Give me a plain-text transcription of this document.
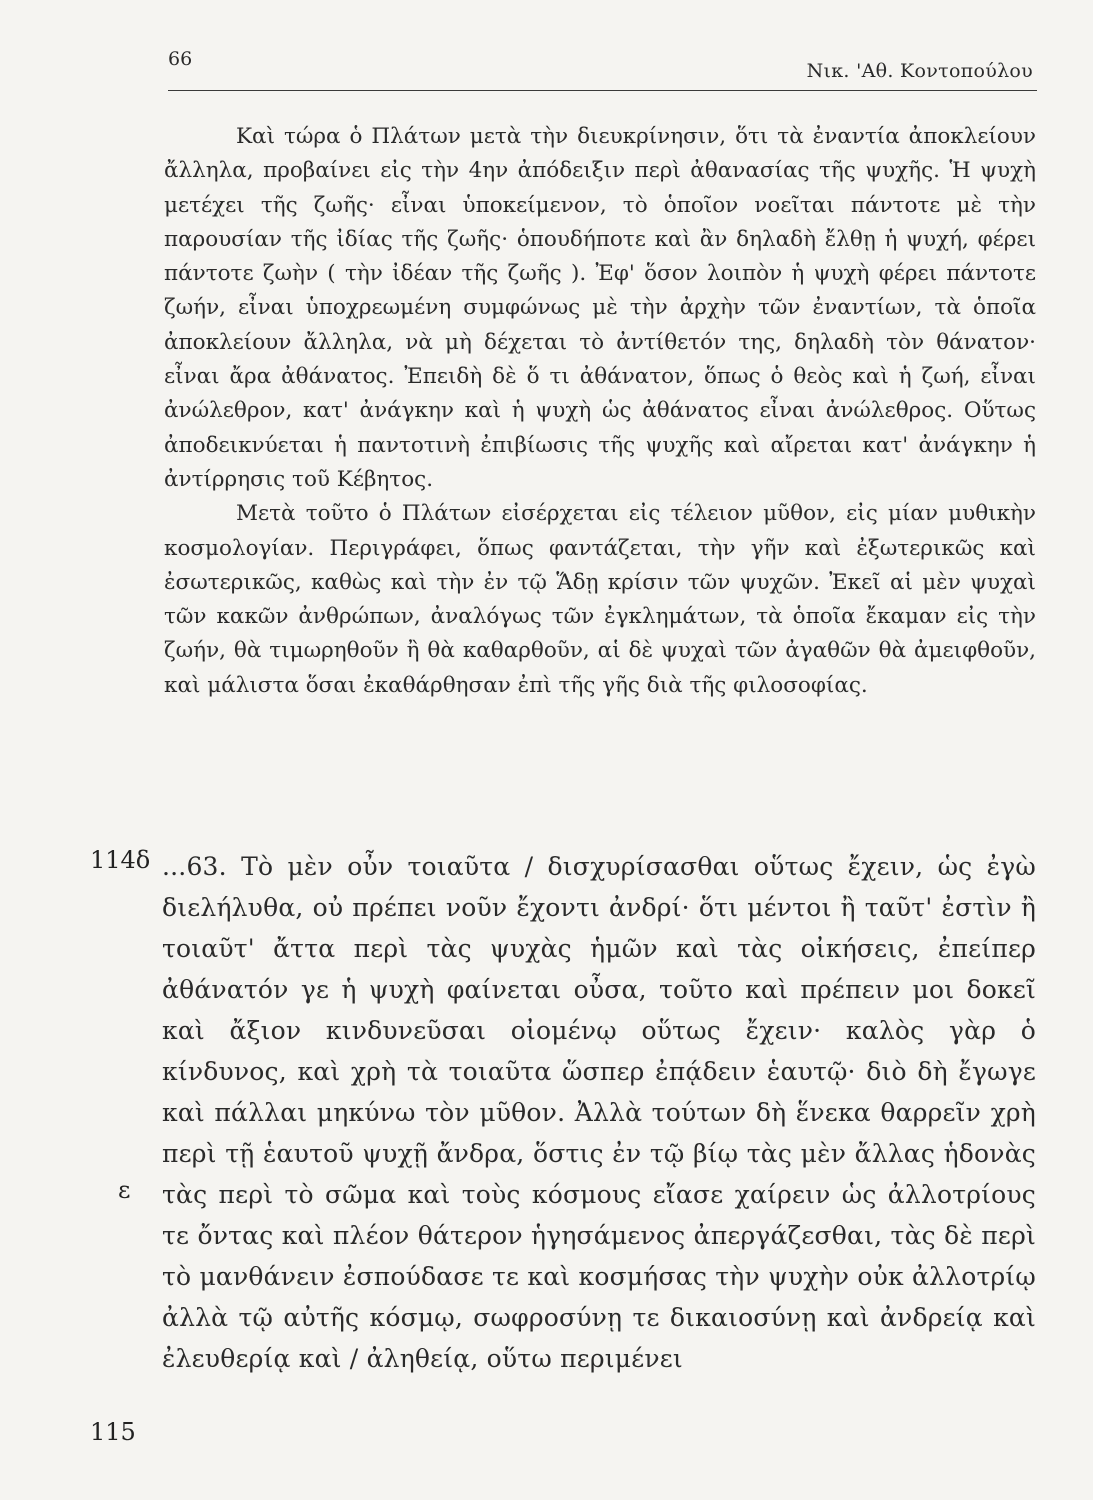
66
Νικ. 'Αθ. Κοντοπούλου

Καὶ τώρα ὁ Πλάτων μετὰ τὴν διευκρίνησιν, ὅτι τὰ ἐναντία ἀποκλείουν ἄλληλα, προβαίνει εἰς τὴν 4ην ἀπόδειξιν περὶ ἀθανασίας τῆς ψυχῆς. Ἡ ψυχὴ μετέχει τῆς ζωῆς· εἶναι ὑποκείμενον, τὸ ὁποῖον νοεῖται πάντοτε μὲ τὴν παρουσίαν τῆς ἰδίας τῆς ζωῆς· ὁπουδήποτε καὶ ἂν δηλαδὴ ἔλθῃ ἡ ψυχή, φέρει πάντοτε ζωὴν ( τὴν ἰδέαν τῆς ζωῆς ). Ἐφ' ὅσον λοιπὸν ἡ ψυχὴ φέρει πάντοτε ζωήν, εἶναι ὑποχρεωμένη συμφώνως μὲ τὴν ἀρχὴν τῶν ἐναντίων, τὰ ὁποῖα ἀποκλείουν ἄλληλα, νὰ μὴ δέχεται τὸ ἀντίθετόν της, δηλαδὴ τὸν θάνατον· εἶναι ἄρα ἀθάνατος. Ἐπειδὴ δὲ ὅ τι ἀθάνατον, ὅπως ὁ θεὸς καὶ ἡ ζωή, εἶναι ἀνώλεθρον, κατ' ἀνάγκην καὶ ἡ ψυχὴ ὡς ἀθάνατος εἶναι ἀνώλεθρος. Οὕτως ἀποδεικνύεται ἡ παντοτινὴ ἐπιβίωσις τῆς ψυχῆς καὶ αἴρεται κατ' ἀνάγκην ἡ ἀντίρρησις τοῦ Κέβητος.

Μετὰ τοῦτο ὁ Πλάτων εἰσέρχεται εἰς τέλειον μῦθον, εἰς μίαν μυθικὴν κοσμολογίαν. Περιγράφει, ὅπως φαντάζεται, τὴν γῆν καὶ ἐξωτερικῶς καὶ ἐσωτερικῶς, καθὼς καὶ τὴν ἐν τῷ Ἅδῃ κρίσιν τῶν ψυχῶν. Ἐκεῖ αἱ μὲν ψυχαὶ τῶν κακῶν ἀνθρώπων, ἀναλόγως τῶν ἐγκλημάτων, τὰ ὁποῖα ἔκαμαν εἰς τὴν ζωήν, θὰ τιμωρηθοῦν ἢ θὰ καθαρθοῦν, αἱ δὲ ψυχαὶ τῶν ἀγαθῶν θὰ ἀμειφθοῦν, καὶ μάλιστα ὅσαι ἐκαθάρθησαν ἐπὶ τῆς γῆς διὰ τῆς φιλοσοφίας.

114δ
ε
115

...63. Τὸ μὲν οὖν τοιαῦτα / δισχυρίσασθαι οὕτως ἔχειν, ὡς ἐγὼ διελήλυθα, οὐ πρέπει νοῦν ἔχοντι ἀνδρί· ὅτι μέντοι ἢ ταῦτ' ἐστὶν ἢ τοιαῦτ' ἄττα περὶ τὰς ψυχὰς ἡμῶν καὶ τὰς οἰκήσεις, ἐπείπερ ἀθάνατόν γε ἡ ψυχὴ φαίνεται οὖσα, τοῦτο καὶ πρέπειν μοι δοκεῖ καὶ ἄξιον κινδυνεῦσαι οἰομένῳ οὕτως ἔχειν· καλὸς γὰρ ὁ κίνδυνος, καὶ χρὴ τὰ τοιαῦτα ὥσπερ ἐπᾴδειν ἑαυτῷ· διὸ δὴ ἔγωγε καὶ πάλλαι μηκύνω τὸν μῦθον. Ἀλλὰ τούτων δὴ ἕνεκα θαρρεῖν χρὴ περὶ τῇ ἑαυτοῦ ψυχῇ ἄνδρα, ὅστις ἐν τῷ βίῳ τὰς μὲν ἄλλας ἡδονὰς τὰς περὶ τὸ σῶμα καὶ τοὺς κόσμους εἴασε χαίρειν ὡς ἀλλοτρίους τε ὄντας καὶ πλέον θάτερον ἡγησάμενος ἀπεργάζεσθαι, τὰς δὲ περὶ τὸ μανθάνειν ἐσπούδασε τε καὶ κοσμήσας τὴν ψυχὴν οὐκ ἀλλοτρίῳ ἀλλὰ τῷ αὐτῆς κόσμῳ, σωφροσύνῃ τε δικαιοσύνῃ καὶ ἀνδρείᾳ καὶ ἐλευθερίᾳ καὶ / ἀληθείᾳ, οὕτω περιμένει
